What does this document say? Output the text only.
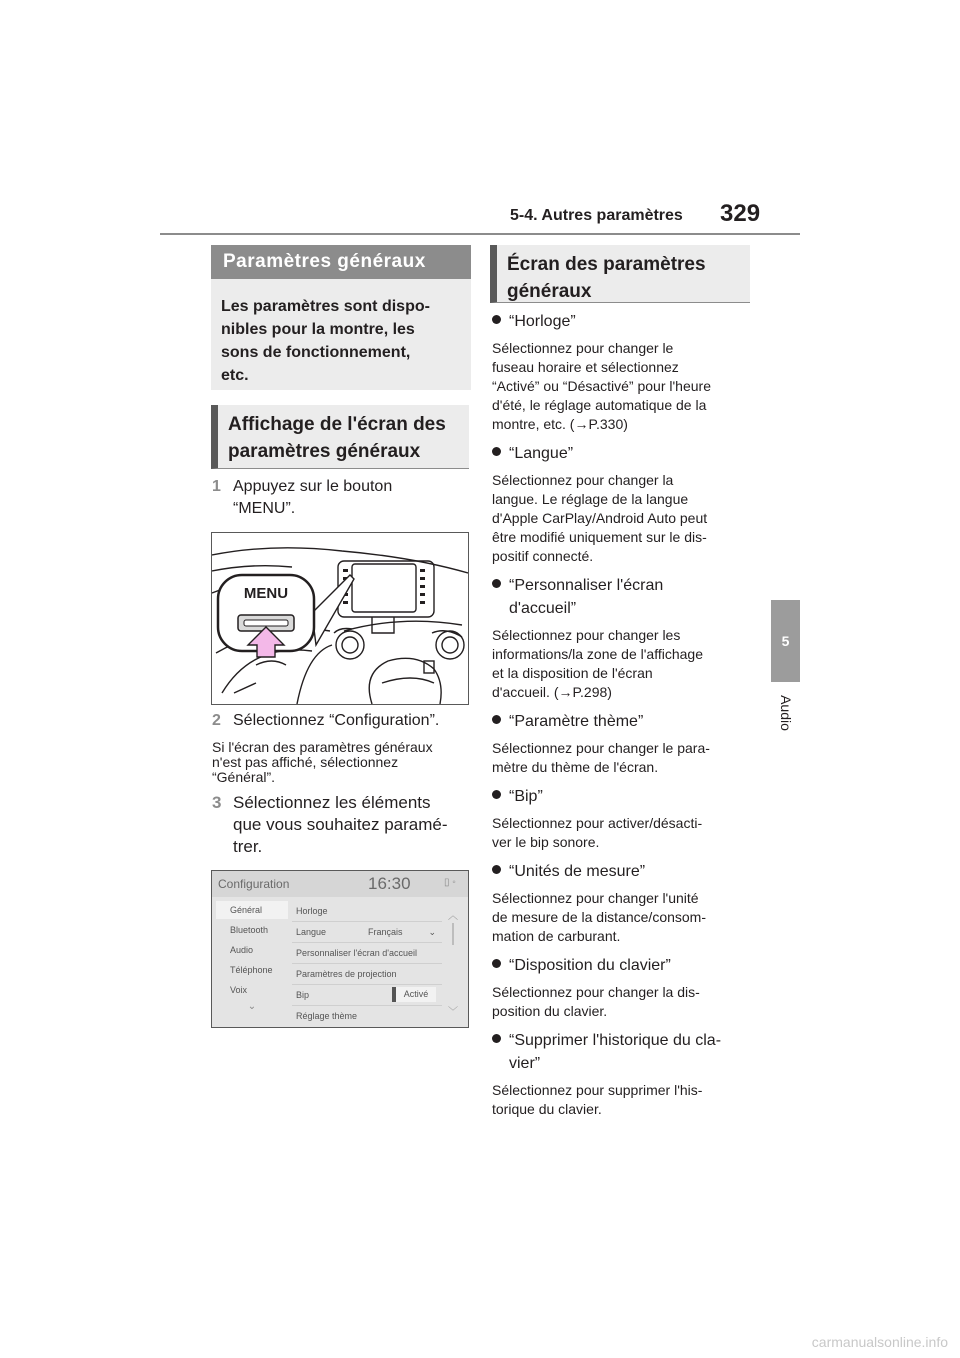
5-4. Autres paramètres 329
5
Audio
Paramètres généraux
Les paramètres sont dispo-
nibles pour la montre, les
sons de fonctionnement,
etc.
Affichage de l'écran des
paramètres généraux
1 Appuyez sur le bouton
“MENU”.
MENU
2 Sélectionnez “Configuration”.
Si l'écran des paramètres généraux
n'est pas affiché, sélectionnez
“Général”.
3 Sélectionnez les éléments
que vous souhaitez paramé-
trer.
Configuration	16:30	▯ ◦
Général
Bluetooth
Audio
Téléphone
Voix
⌄
Horloge
Langue	Français	⌄
Personnaliser l'écran d'accueil
Paramètres de projection
Bip	Activé
Réglage thème
︿
﹀
Écran des paramètres
généraux
“Horloge”
Sélectionnez pour changer le
fuseau horaire et sélectionnez
“Activé” ou “Désactivé” pour l'heure
d'été, le réglage automatique de la
montre, etc. (→P.330)
“Langue”
Sélectionnez pour changer la
langue. Le réglage de la langue
d'Apple CarPlay/Android Auto peut
être modifié uniquement sur le dis-
positif connecté.
“Personnaliser l'écran
d'accueil”
Sélectionnez pour changer les
informations/la zone de l'affichage
et la disposition de l'écran
d'accueil. (→P.298)
“Paramètre thème”
Sélectionnez pour changer le para-
mètre du thème de l'écran.
“Bip”
Sélectionnez pour activer/désacti-
ver le bip sonore.
“Unités de mesure”
Sélectionnez pour changer l'unité
de mesure de la distance/consom-
mation de carburant.
“Disposition du clavier”
Sélectionnez pour changer la dis-
position du clavier.
“Supprimer l'historique du cla-
vier”
Sélectionnez pour supprimer l'his-
torique du clavier.
carmanualsonline.info
